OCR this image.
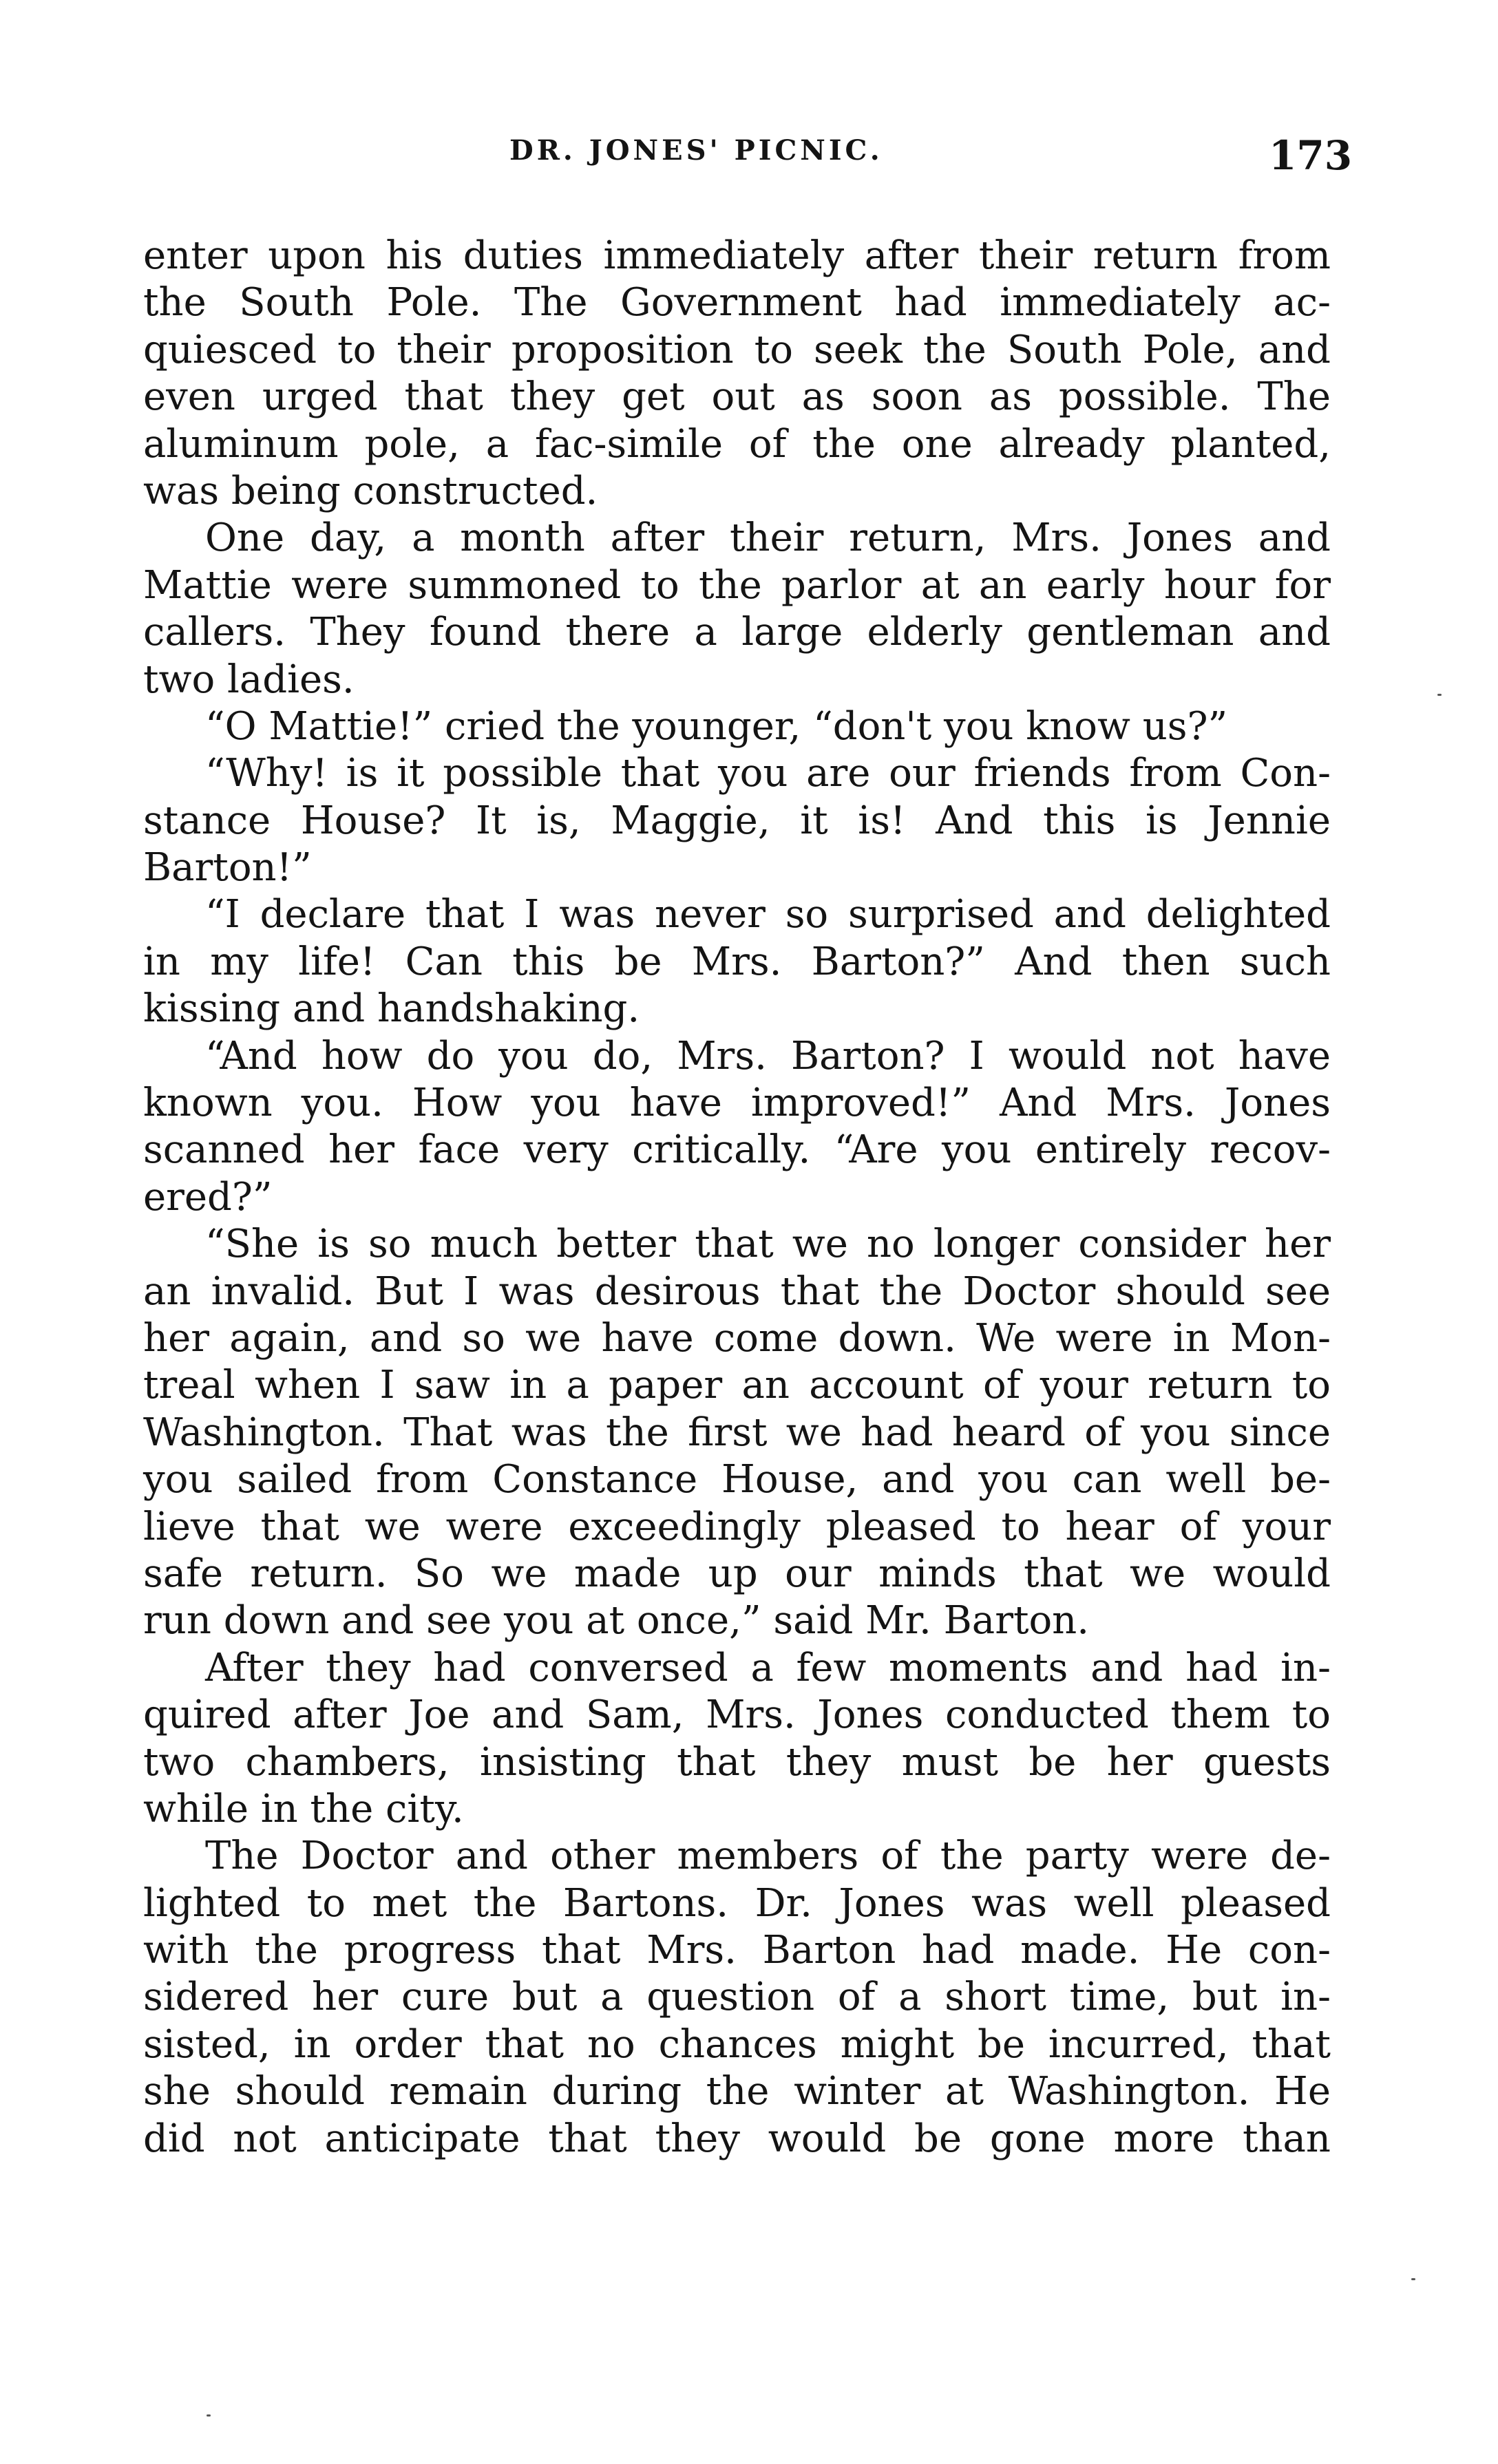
DR. JONES' PICNIC.	173
enter upon his duties immediately after their return from
the South Pole. The Government had immediately ac-
quiesced to their proposition to seek the South Pole, and
even urged that they get out as soon as possible. The
aluminum pole, a fac-simile of the one already planted,
was being constructed.
One day, a month after their return, Mrs. Jones and
Mattie were summoned to the parlor at an early hour for
callers. They found there a large elderly gentleman and
two ladies.
“O Mattie!” cried the younger, “don't you know us?”
“Why! is it possible that you are our friends from Con-
stance House? It is, Maggie, it is! And this is Jennie
Barton!”
“I declare that I was never so surprised and delighted
in my life! Can this be Mrs. Barton?” And then such
kissing and handshaking.
“And how do you do, Mrs. Barton? I would not have
known you. How you have improved!” And Mrs. Jones
scanned her face very critically. “Are you entirely recov-
ered?”
“She is so much better that we no longer consider her
an invalid. But I was desirous that the Doctor should see
her again, and so we have come down. We were in Mon-
treal when I saw in a paper an account of your return to
Washington. That was the first we had heard of you since
you sailed from Constance House, and you can well be-
lieve that we were exceedingly pleased to hear of your
safe return. So we made up our minds that we would
run down and see you at once,” said Mr. Barton.
After they had conversed a few moments and had in-
quired after Joe and Sam, Mrs. Jones conducted them to
two chambers, insisting that they must be her guests
while in the city.
The Doctor and other members of the party were de-
lighted to met the Bartons. Dr. Jones was well pleased
with the progress that Mrs. Barton had made. He con-
sidered her cure but a question of a short time, but in-
sisted, in order that no chances might be incurred, that
she should remain during the winter at Washington. He
did not anticipate that they would be gone more than
